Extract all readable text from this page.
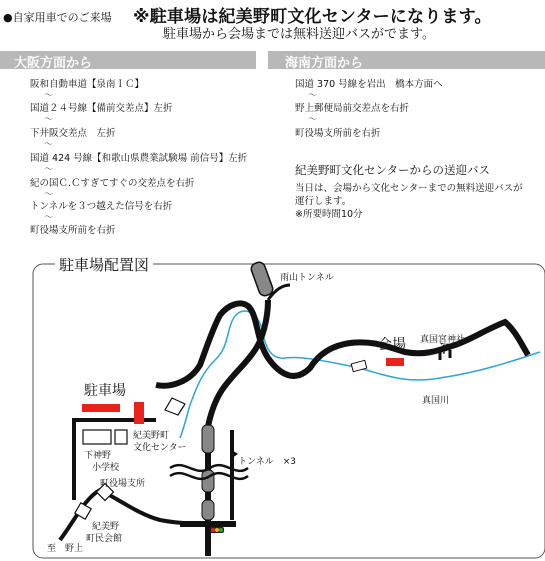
●自家用車でのご来場 ※駐車場は紀美野町文化センターになります。
駐車場から会場までは無料送迎バスがでます。
大阪方面から
阪和自動車道【泉南ＩＣ】
〜
国道２４号線【備前交差点】左折
〜
下井阪交差点　左折
〜
国道 424 号線【和歌山県農業試験場 前信号】左折
〜
紀の国Ｃ.Ｃすぎてすぐの交差点を右折
〜
トンネルを３つ越えた信号を右折
〜
町役場支所前を右折
海南方面から
国道 370 号線を岩出　橋本方面へ
〜
野上郵便局前交差点を右折
〜
町役場支所前を右折
紀美野町文化センターからの送迎バス
当日は、会場から文化センターまでの無料送迎バスが
運行します。
※所要時間10分
駐車場配置図
雨山トンネル
会場 真国宮神社
⛩
真国川
駐車場
紀美野町
文化センター
下神野
小学校
トンネル　×3
町役場支所
紀美野
町民会館
至　野上
